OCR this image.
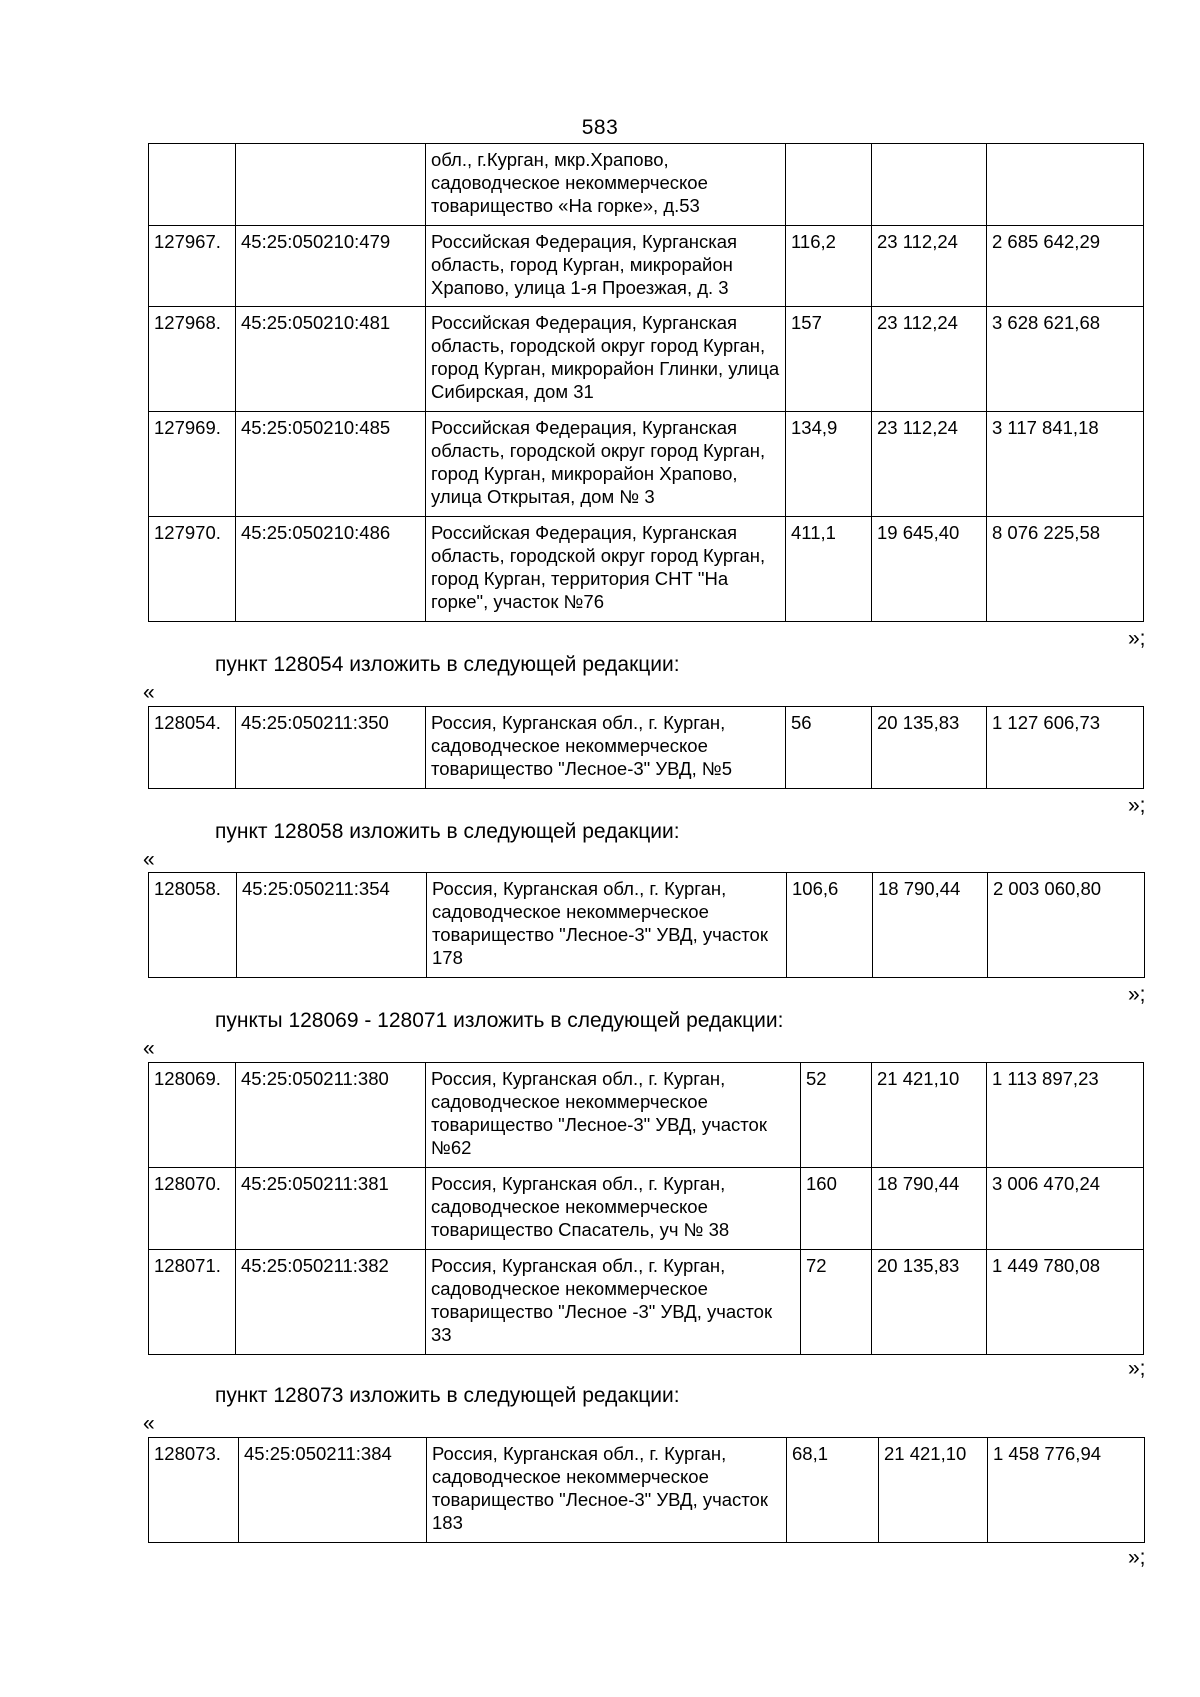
583
		обл., г.Курган, мкр.Храпово, садоводческое некоммерческое товарищество «На горке», д.53			
127967.	45:25:050210:479	Российская Федерация, Курганская область, город Курган, микрорайон Храпово, улица 1-я Проезжая, д. 3	116,2	23 112,24	2 685 642,29
127968.	45:25:050210:481	Российская Федерация, Курганская область, городской округ город Курган, город Курган, микрорайон Глинки, улица Сибирская, дом 31	157	23 112,24	3 628 621,68
127969.	45:25:050210:485	Российская Федерация, Курганская область, городской округ город Курган, город Курган, микрорайон Храпово, улица Открытая, дом № 3	134,9	23 112,24	3 117 841,18
127970.	45:25:050210:486	Российская Федерация, Курганская область, городской округ город Курган, город Курган, территория СНТ "На горке", участок №76	411,1	19 645,40	8 076 225,58
»;
пункт 128054 изложить в следующей редакции:
«
128054.	45:25:050211:350	Россия, Курганская обл., г. Курган, садоводческое некоммерческое товарищество "Лесное-3" УВД, №5	56	20 135,83	1 127 606,73
»;
пункт 128058 изложить в следующей редакции:
«
128058.	45:25:050211:354	Россия, Курганская обл., г. Курган, садоводческое некоммерческое товарищество "Лесное-3" УВД, участок 178	106,6	18 790,44	2 003 060,80
»;
пункты 128069 - 128071 изложить в следующей редакции:
«
128069.	45:25:050211:380	Россия, Курганская обл., г. Курган, садоводческое некоммерческое товарищество "Лесное-3" УВД, участок №62	52	21 421,10	1 113 897,23
128070.	45:25:050211:381	Россия, Курганская обл., г. Курган, садоводческое некоммерческое товарищество Спасатель, уч № 38	160	18 790,44	3 006 470,24
128071.	45:25:050211:382	Россия, Курганская обл., г. Курган, садоводческое некоммерческое товарищество "Лесное -3" УВД, участок 33	72	20 135,83	1 449 780,08
»;
пункт 128073 изложить в следующей редакции:
«
128073.	45:25:050211:384	Россия, Курганская обл., г. Курган, садоводческое некоммерческое товарищество "Лесное-3" УВД, участок 183	68,1	21 421,10	1 458 776,94
»;
